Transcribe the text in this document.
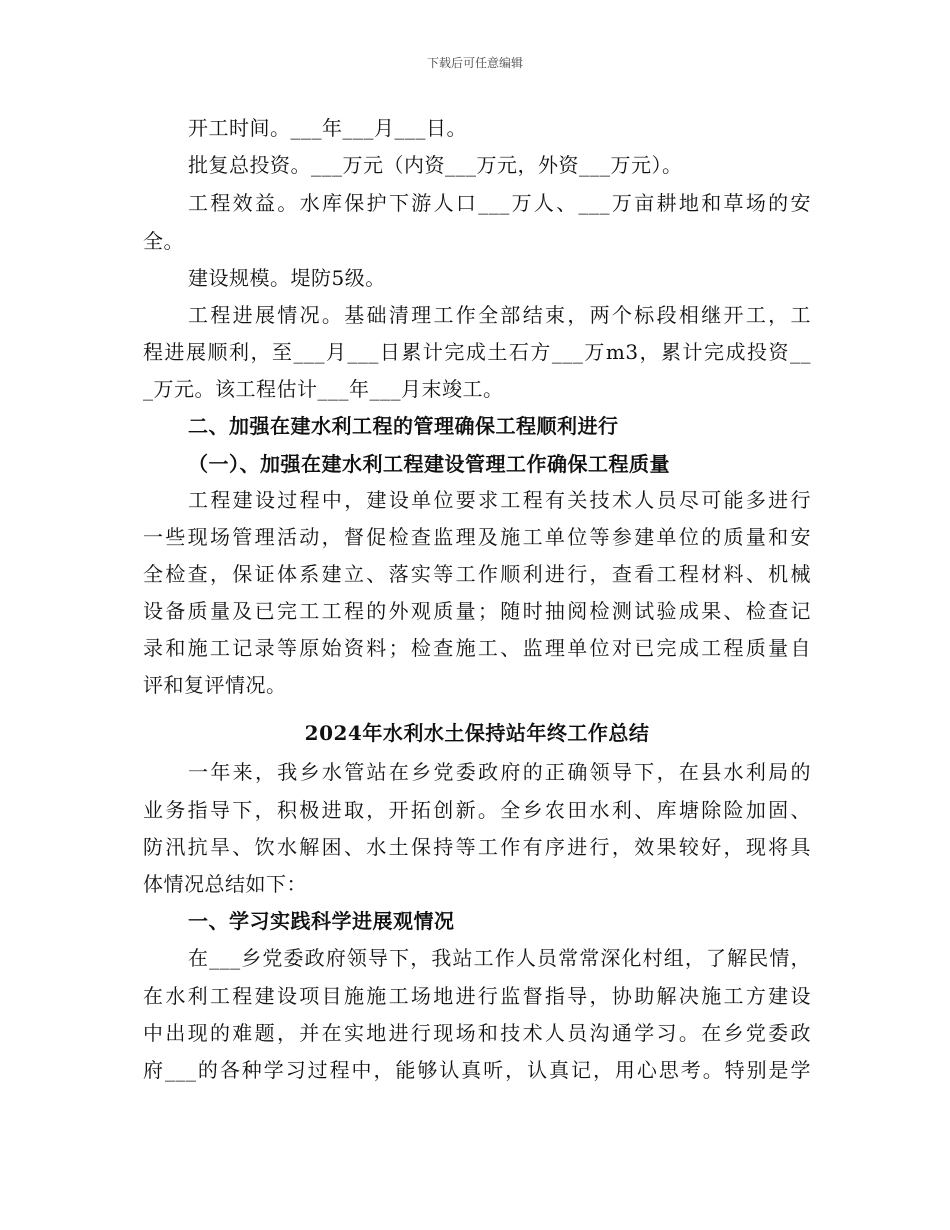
下载后可任意编辑
开工时间。___年___月___日。
批复总投资。___万元（内资___万元，外资___万元）。
工程效益。水库保护下游人口___万人、___万亩耕地和草场的安
全。
建设规模。堤防5级。
工程进展情况。基础清理工作全部结束，两个标段相继开工，工
程进展顺利，至___月___日累计完成土石方___万m3，累计完成投资__
_万元。该工程估计___年___月末竣工。
二、加强在建水利工程的管理确保工程顺利进行
（一）、加强在建水利工程建设管理工作确保工程质量
工程建设过程中，建设单位要求工程有关技术人员尽可能多进行
一些现场管理活动，督促检查监理及施工单位等参建单位的质量和安
全检查，保证体系建立、落实等工作顺利进行，查看工程材料、机械
设备质量及已完工工程的外观质量；随时抽阅检测试验成果、检查记
录和施工记录等原始资料；检查施工、监理单位对已完成工程质量自
评和复评情况。
2024年水利水土保持站年终工作总结
一年来，我乡水管站在乡党委政府的正确领导下，在县水利局的
业务指导下，积极进取，开拓创新。全乡农田水利、库塘除险加固、
防汛抗旱、饮水解困、水土保持等工作有序进行，效果较好，现将具
体情况总结如下：
一、学习实践科学进展观情况
在___乡党委政府领导下，我站工作人员常常深化村组，了解民情，
在水利工程建设项目施施工场地进行监督指导，协助解决施工方建设
中出现的难题，并在实地进行现场和技术人员沟通学习。在乡党委政
府___的各种学习过程中，能够认真听，认真记，用心思考。特别是学
